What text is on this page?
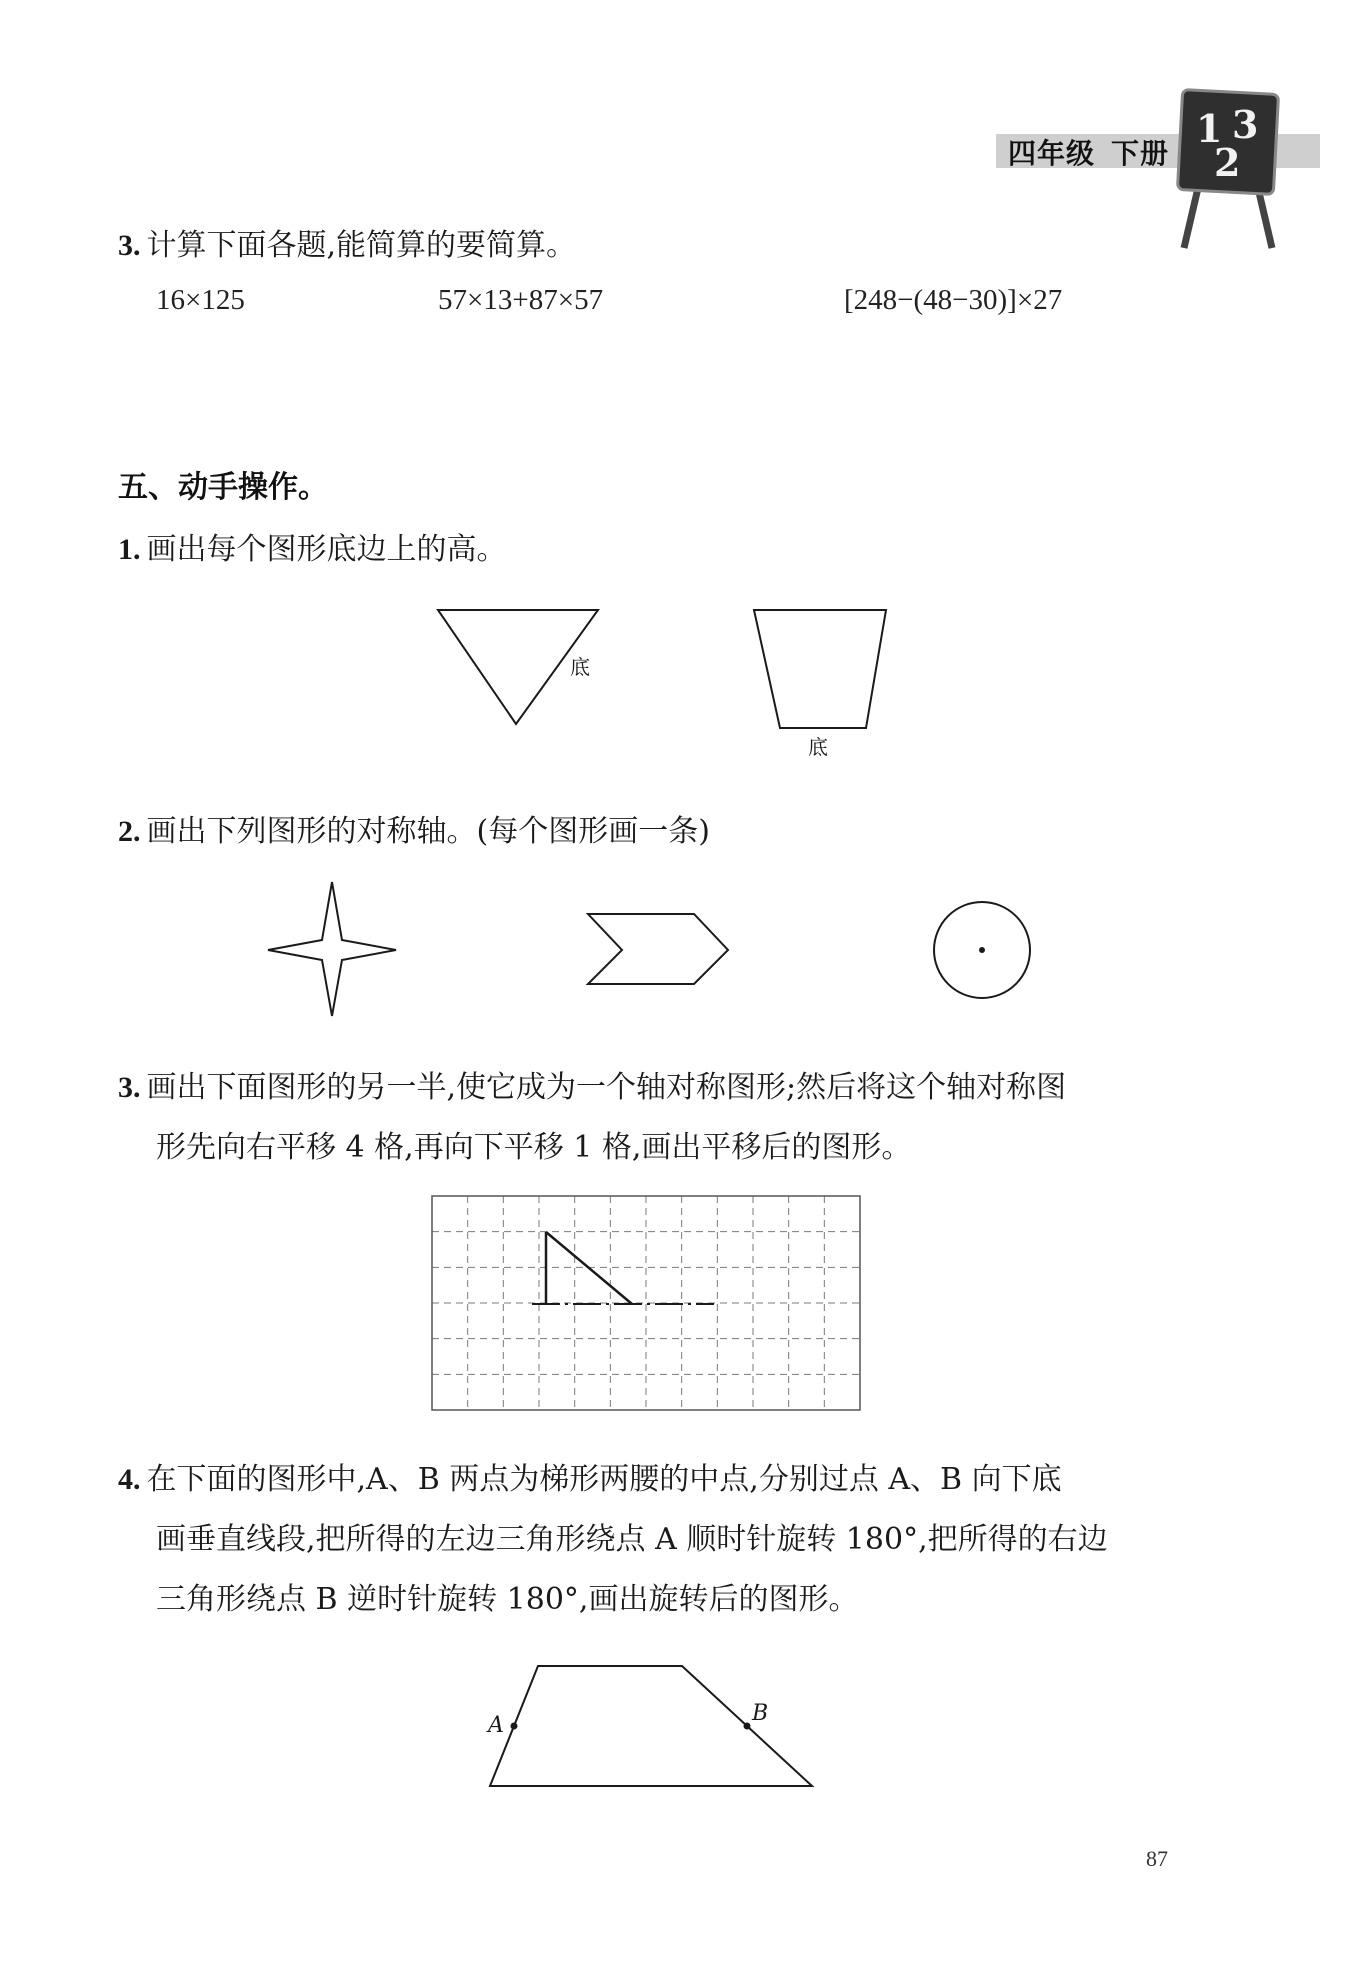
四年级 下册
1 3
2
3. 计算下面各题,能简算的要简算。
16×125	57×13+87×57	[248−(48−30)]×27
五、动手操作。
1. 画出每个图形底边上的高。
底
底
2. 画出下列图形的对称轴。(每个图形画一条)
3. 画出下面图形的另一半,使它成为一个轴对称图形;然后将这个轴对称图
形先向右平移 4 格,再向下平移 1 格,画出平移后的图形。
4. 在下面的图形中,A、B 两点为梯形两腰的中点,分别过点 A、B 向下底
画垂直线段,把所得的左边三角形绕点 A 顺时针旋转 180°,把所得的右边
三角形绕点 B 逆时针旋转 180°,画出旋转后的图形。
A	B
87
